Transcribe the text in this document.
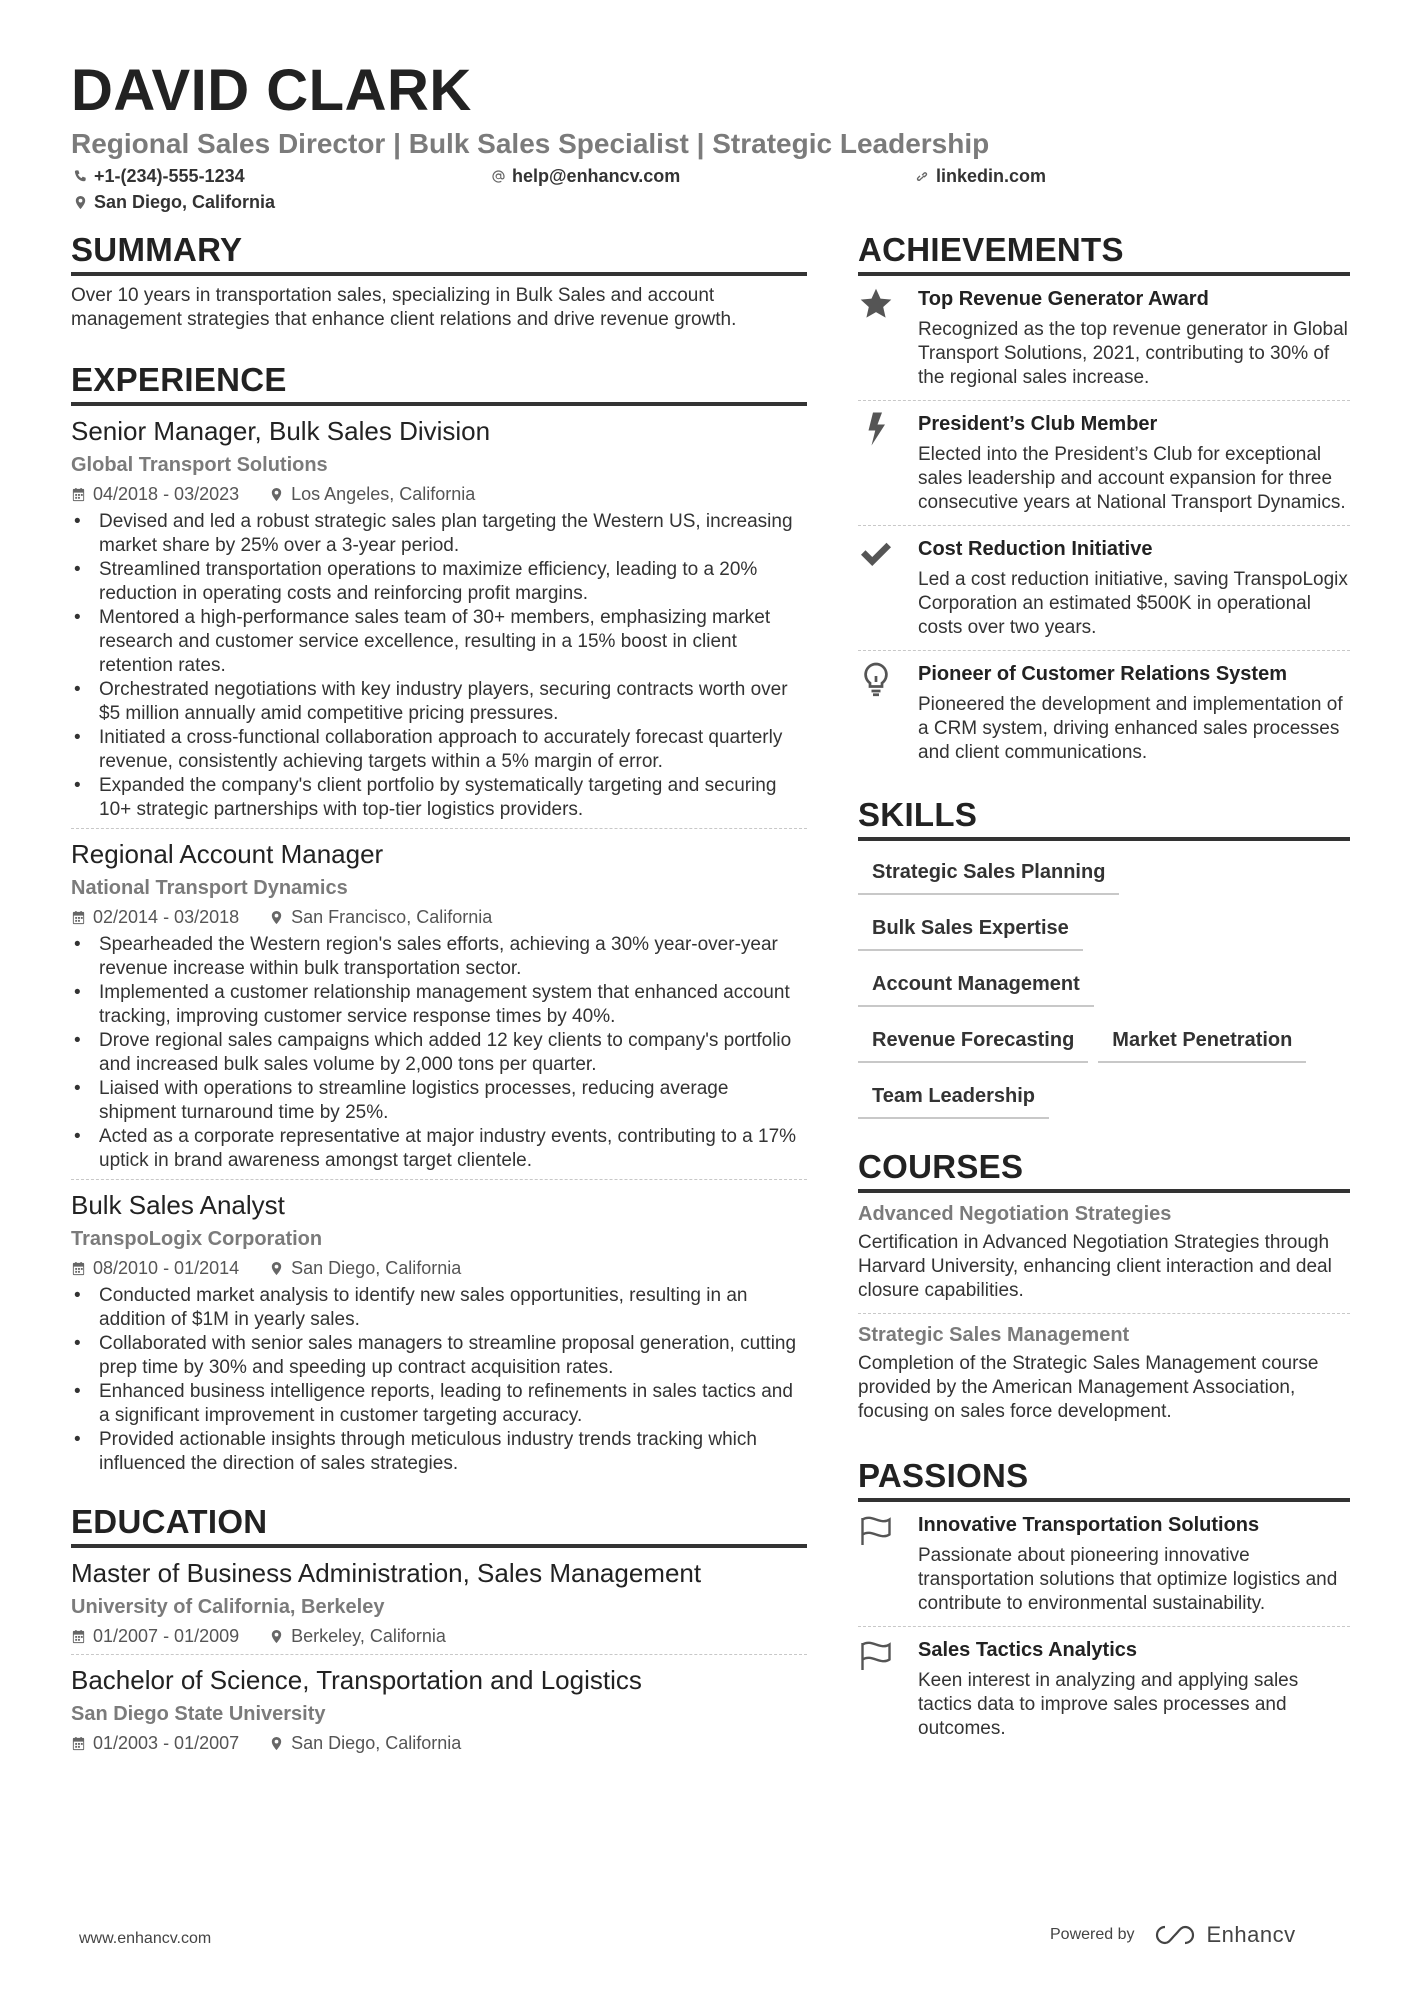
DAVID CLARK
Regional Sales Director | Bulk Sales Specialist | Strategic Leadership
+1-(234)-555-1234	help@enhancv.com	linkedin.com
San Diego, California
SUMMARY
Over 10 years in transportation sales, specializing in Bulk Sales and account management strategies that enhance client relations and drive revenue growth.
EXPERIENCE
Senior Manager, Bulk Sales Division
Global Transport Solutions
04/2018 - 03/2023	Los Angeles, California
• Devised and led a robust strategic sales plan targeting the Western US, increasing market share by 25% over a 3-year period.
• Streamlined transportation operations to maximize efficiency, leading to a 20% reduction in operating costs and reinforcing profit margins.
• Mentored a high-performance sales team of 30+ members, emphasizing market research and customer service excellence, resulting in a 15% boost in client retention rates.
• Orchestrated negotiations with key industry players, securing contracts worth over $5 million annually amid competitive pricing pressures.
• Initiated a cross-functional collaboration approach to accurately forecast quarterly revenue, consistently achieving targets within a 5% margin of error.
• Expanded the company's client portfolio by systematically targeting and securing 10+ strategic partnerships with top-tier logistics providers.
Regional Account Manager
National Transport Dynamics
02/2014 - 03/2018	San Francisco, California
• Spearheaded the Western region's sales efforts, achieving a 30% year-over-year revenue increase within bulk transportation sector.
• Implemented a customer relationship management system that enhanced account tracking, improving customer service response times by 40%.
• Drove regional sales campaigns which added 12 key clients to company's portfolio and increased bulk sales volume by 2,000 tons per quarter.
• Liaised with operations to streamline logistics processes, reducing average shipment turnaround time by 25%.
• Acted as a corporate representative at major industry events, contributing to a 17% uptick in brand awareness amongst target clientele.
Bulk Sales Analyst
TranspoLogix Corporation
08/2010 - 01/2014	San Diego, California
• Conducted market analysis to identify new sales opportunities, resulting in an addition of $1M in yearly sales.
• Collaborated with senior sales managers to streamline proposal generation, cutting prep time by 30% and speeding up contract acquisition rates.
• Enhanced business intelligence reports, leading to refinements in sales tactics and a significant improvement in customer targeting accuracy.
• Provided actionable insights through meticulous industry trends tracking which influenced the direction of sales strategies.
EDUCATION
Master of Business Administration, Sales Management
University of California, Berkeley
01/2007 - 01/2009	Berkeley, California
Bachelor of Science, Transportation and Logistics
San Diego State University
01/2003 - 01/2007	San Diego, California
ACHIEVEMENTS
Top Revenue Generator Award
Recognized as the top revenue generator in Global Transport Solutions, 2021, contributing to 30% of the regional sales increase.
President’s Club Member
Elected into the President’s Club for exceptional sales leadership and account expansion for three consecutive years at National Transport Dynamics.
Cost Reduction Initiative
Led a cost reduction initiative, saving TranspoLogix Corporation an estimated $500K in operational costs over two years.
Pioneer of Customer Relations System
Pioneered the development and implementation of a CRM system, driving enhanced sales processes and client communications.
SKILLS
Strategic Sales Planning
Bulk Sales Expertise
Account Management
Revenue Forecasting	Market Penetration
Team Leadership
COURSES
Advanced Negotiation Strategies
Certification in Advanced Negotiation Strategies through Harvard University, enhancing client interaction and deal closure capabilities.
Strategic Sales Management
Completion of the Strategic Sales Management course provided by the American Management Association, focusing on sales force development.
PASSIONS
Innovative Transportation Solutions
Passionate about pioneering innovative transportation solutions that optimize logistics and contribute to environmental sustainability.
Sales Tactics Analytics
Keen interest in analyzing and applying sales tactics data to improve sales processes and outcomes.
www.enhancv.com	Powered by	Enhancv
